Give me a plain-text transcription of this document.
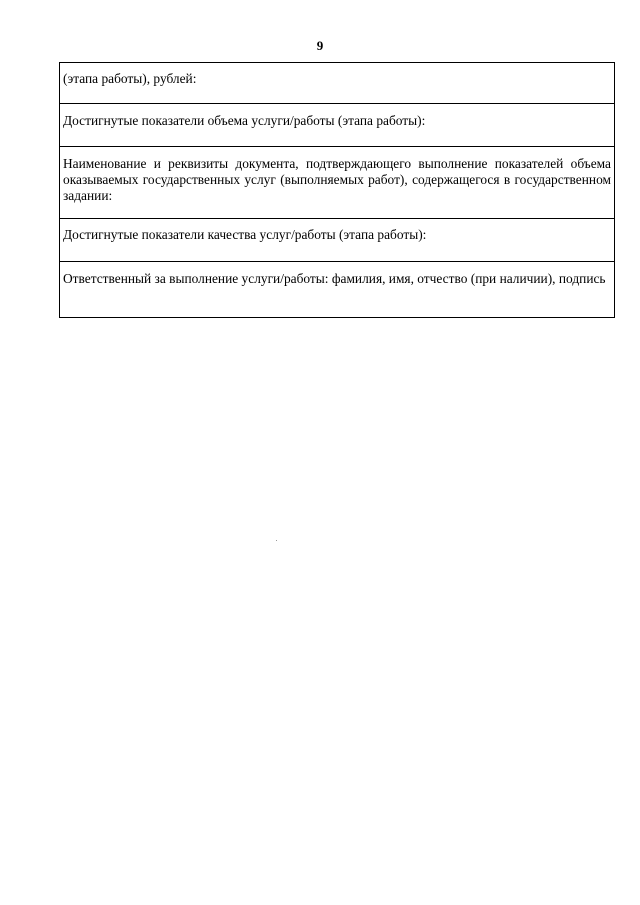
9
(этапа работы), рублей:
Достигнутые показатели объема услуги/работы (этапа работы):
Наименование и реквизиты документа, подтверждающего выполнение показателей объема оказываемых государственных услуг (выполняемых работ), содержащегося в государственном задании:
Достигнутые показатели качества услуг/работы (этапа работы):
Ответственный за выполнение услуги/работы: фамилия, имя, отчество (при наличии), подпись
